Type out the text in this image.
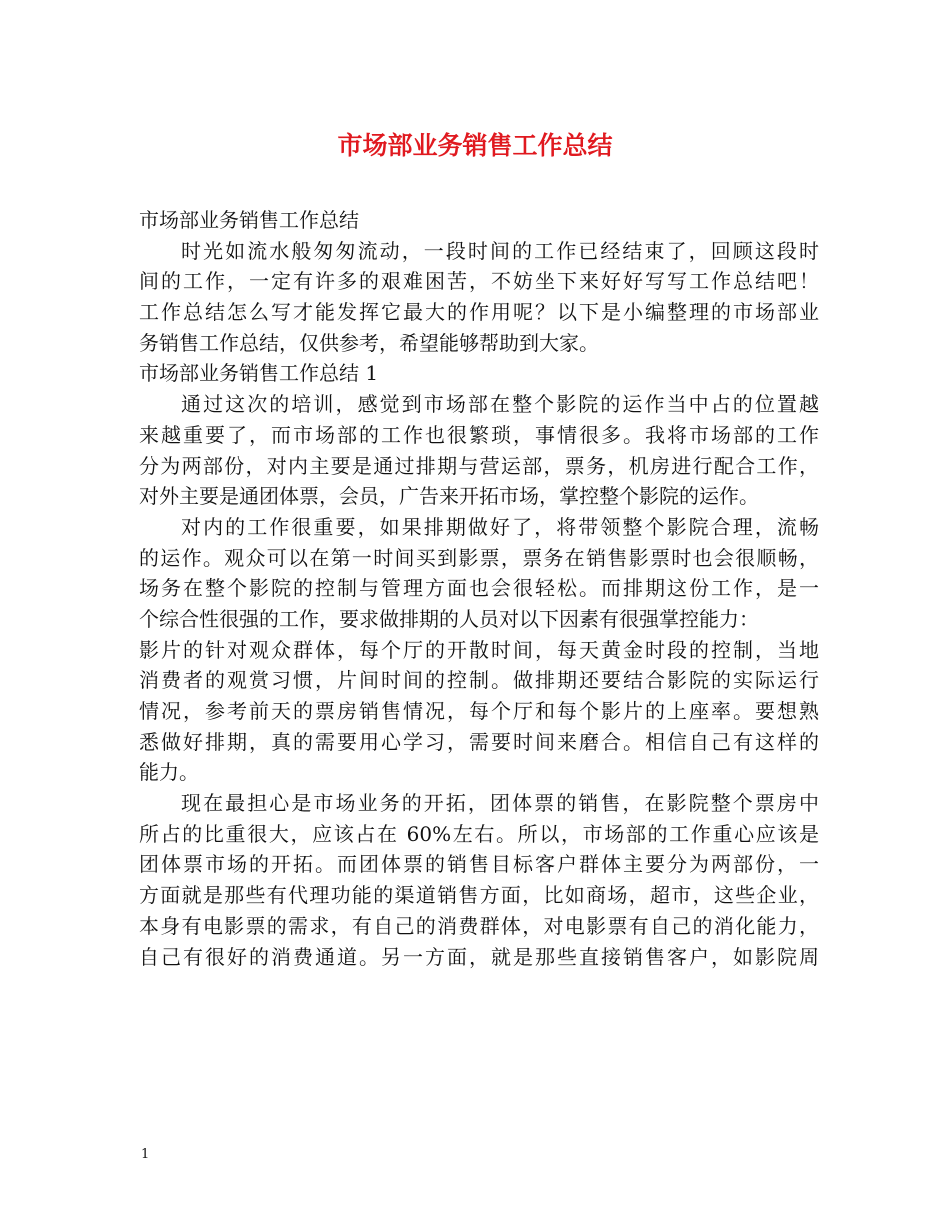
市场部业务销售工作总结
市场部业务销售工作总结
时光如流水般匆匆流动，一段时间的工作已经结束了，回顾这段时
间的工作，一定有许多的艰难困苦，不妨坐下来好好写写工作总结吧！
工作总结怎么写才能发挥它最大的作用呢？以下是小编整理的市场部业
务销售工作总结，仅供参考，希望能够帮助到大家。
市场部业务销售工作总结 1
通过这次的培训，感觉到市场部在整个影院的运作当中占的位置越
来越重要了，而市场部的工作也很繁琐，事情很多。我将市场部的工作
分为两部份，对内主要是通过排期与营运部，票务，机房进行配合工作，
对外主要是通团体票，会员，广告来开拓市场，掌控整个影院的运作。
对内的工作很重要，如果排期做好了，将带领整个影院合理，流畅
的运作。观众可以在第一时间买到影票，票务在销售影票时也会很顺畅，
场务在整个影院的控制与管理方面也会很轻松。而排期这份工作，是一
个综合性很强的工作，要求做排期的人员对以下因素有很强掌控能力：
影片的针对观众群体，每个厅的开散时间，每天黄金时段的控制，当地
消费者的观赏习惯，片间时间的控制。做排期还要结合影院的实际运行
情况，参考前天的票房销售情况，每个厅和每个影片的上座率。要想熟
悉做好排期，真的需要用心学习，需要时间来磨合。相信自己有这样的
能力。
现在最担心是市场业务的开拓，团体票的销售，在影院整个票房中
所占的比重很大，应该占在 60%左右。所以，市场部的工作重心应该是
团体票市场的开拓。而团体票的销售目标客户群体主要分为两部份，一
方面就是那些有代理功能的渠道销售方面，比如商场，超市，这些企业，
本身有电影票的需求，有自己的消费群体，对电影票有自己的消化能力，
自己有很好的消费通道。另一方面，就是那些直接销售客户，如影院周
1
